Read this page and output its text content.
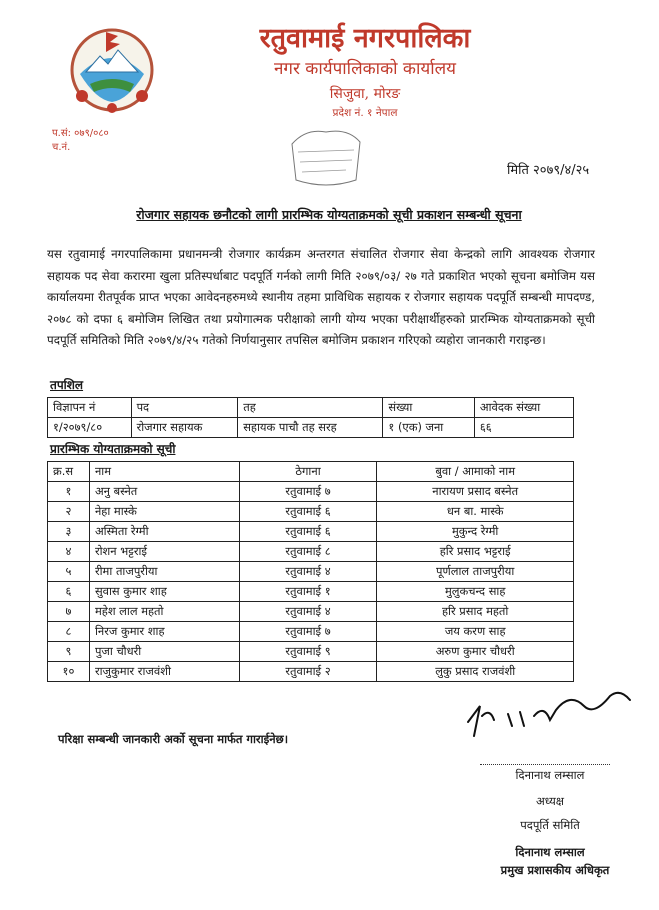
रतुवामाई नगरपालिका
नगर कार्यपालिकाको कार्यालय
सिजुवा, मोरङ
प्रदेश नं. १ नेपाल
प.सं: ०७९/०८०
च.नं.
मिति २०७९/४/२५
रोजगार सहायक छनौटको लागी प्रारम्भिक योग्यताक्रमको सूची प्रकाशन सम्बन्धी सूचना
यस रतुवामाई नगरपालिकामा प्रधानमन्त्री रोजगार कार्यक्रम अन्तरगत संचालित रोजगार सेवा केन्द्रको लागि आवश्यक रोजगार सहायक पद सेवा करारमा खुला प्रतिस्पर्धाबाट पदपूर्ति गर्नको लागी मिति २०७९/०३/ २७ गते प्रकाशित भएको सूचना बमोजिम यस कार्यालयमा रीतपूर्वक प्राप्त भएका आवेदनहरुमध्ये स्थानीय तहमा प्राविधिक सहायक र रोजगार सहायक पदपूर्ति सम्बन्धी मापदण्ड, २०७८ को दफा ६ बमोजिम लिखित तथा प्रयोगात्मक परीक्षाको लागी योग्य भएका परीक्षार्थीहरुको प्रारम्भिक योग्यताक्रमको सूची पदपूर्ति समितिको मिति २०७९/४/२५ गतेको निर्णयानुसार तपसिल बमोजिम प्रकाशन गरिएको व्यहोरा जानकारी गराइन्छ।
तपशिल
विज्ञापन नं	पद	तह	संख्या	आवेदक संख्या
१/२०७९/८०	रोजगार सहायक	सहायक पाचौ तह सरह	१ (एक) जना	६६
प्रारम्भिक योग्यताक्रमको सूची
क्र.स	नाम	ठेगाना	बुवा / आमाको नाम
१	अनु बस्नेत	रतुवामाई ७	नारायण प्रसाद बस्नेत
२	नेहा मास्के	रतुवामाई ६	धन बा. मास्के
३	अस्मिता रेग्मी	रतुवामाई ६	मुकुन्द रेग्मी
४	रोशन भट्टराई	रतुवामाई ८	हरि प्रसाद भट्टराई
५	रीमा ताजपुरीया	रतुवामाई ४	पूर्णलाल ताजपुरीया
६	सुवास कुमार शाह	रतुवामाई १	मुलुकचन्द साह
७	महेश लाल महतो	रतुवामाई ४	हरि प्रसाद महतो
८	निरज कुमार शाह	रतुवामाई ७	जय करण साह
९	पुजा चौधरी	रतुवामाई ९	अरुण कुमार चौधरी
१०	राजुकुमार राजवंशी	रतुवामाई २	लुकु प्रसाद राजवंशी
परिक्षा सम्बन्धी जानकारी अर्को सूचना मार्फत गाराईनेछ।
दिनानाथ लम्साल
अध्यक्ष
पदपूर्ति समिति
दिनानाथ लम्साल
प्रमुख प्रशासकीय अधिकृत
